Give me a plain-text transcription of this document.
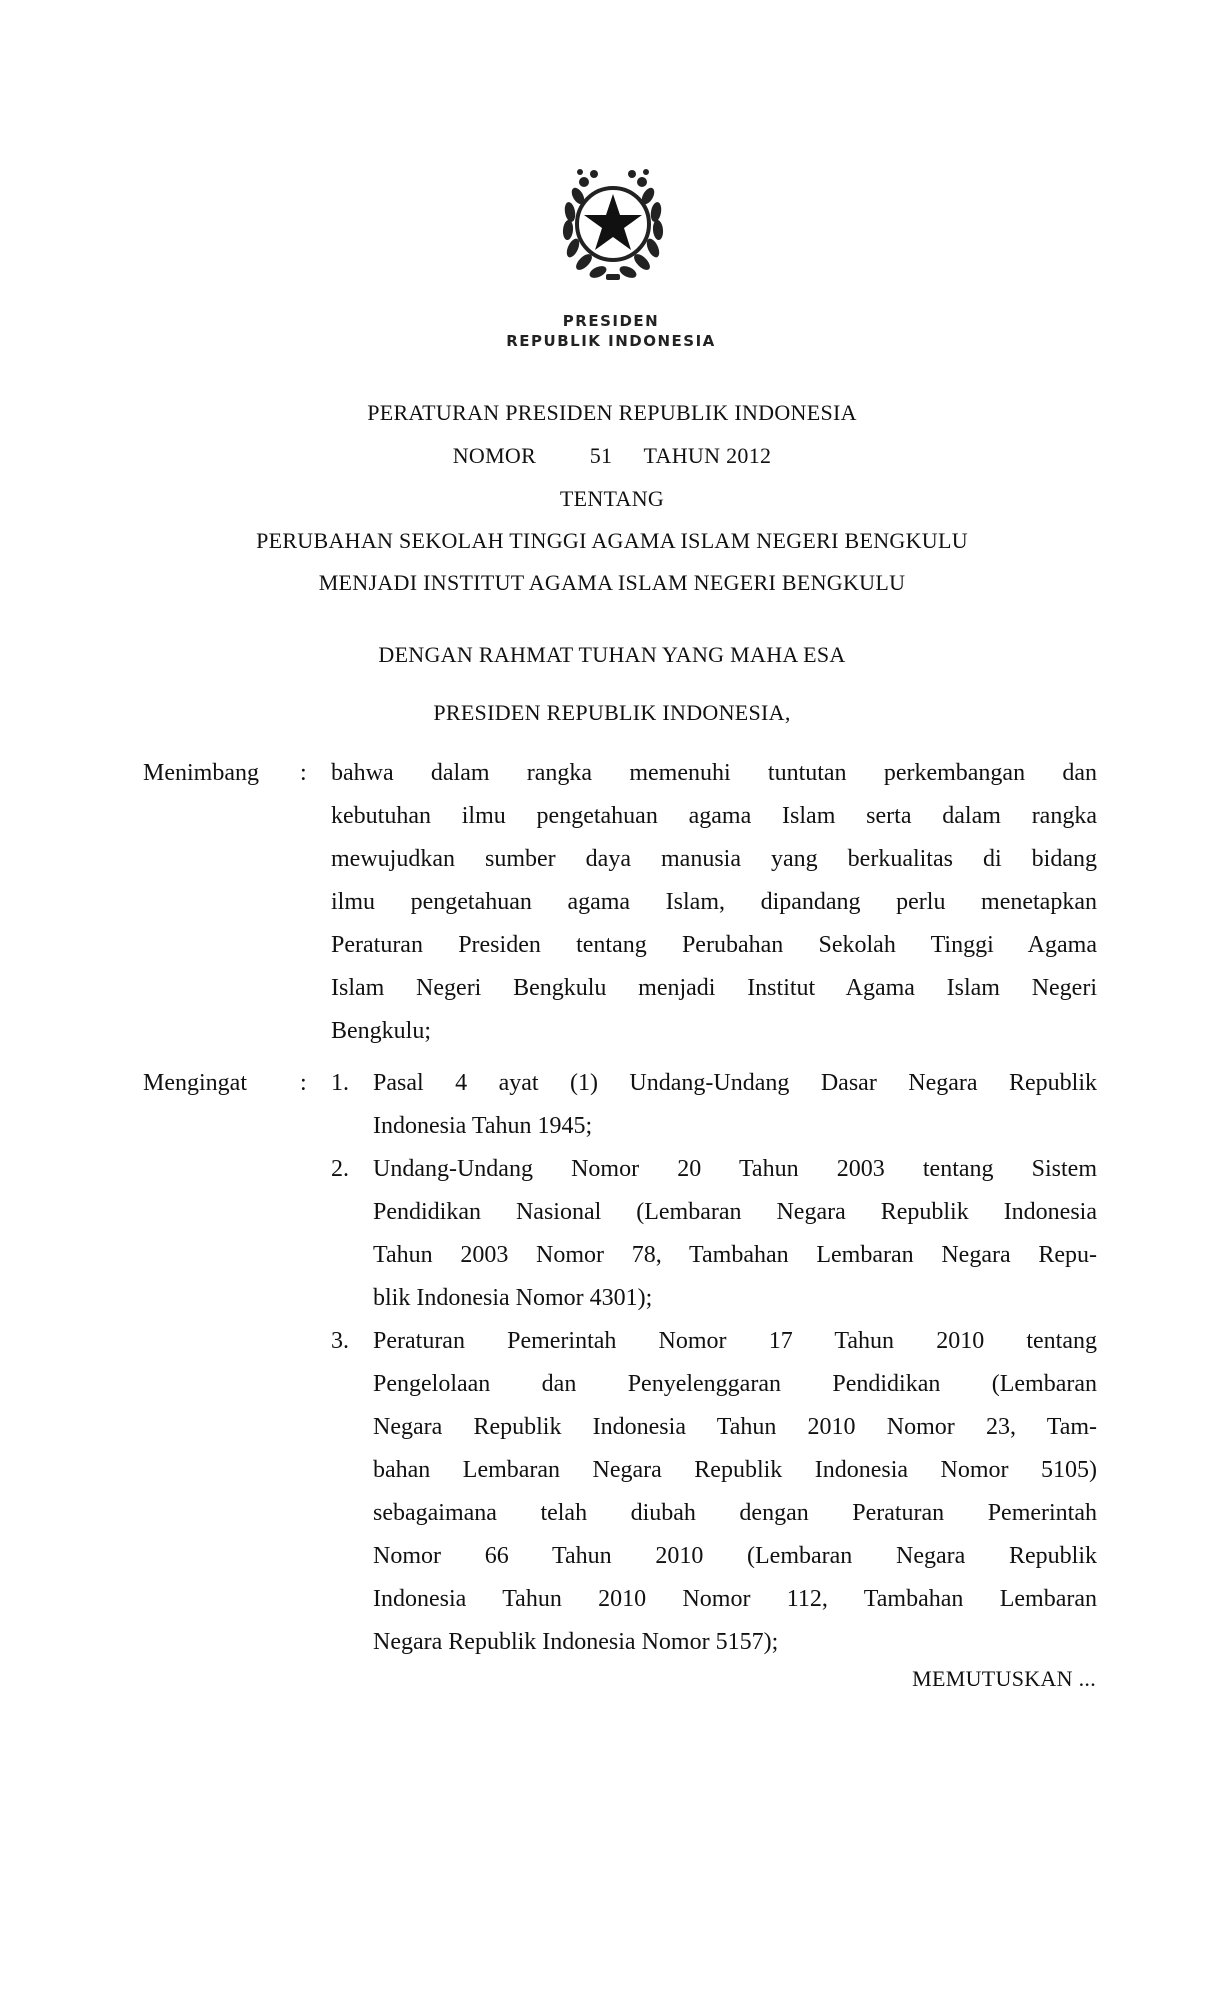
PRESIDEN
REPUBLIK INDONESIA
PERATURAN PRESIDEN REPUBLIK INDONESIA
NOMOR 51 TAHUN 2012
TENTANG
PERUBAHAN SEKOLAH TINGGI AGAMA ISLAM NEGERI BENGKULU
MENJADI INSTITUT AGAMA ISLAM NEGERI BENGKULU
DENGAN RAHMAT TUHAN YANG MAHA ESA
PRESIDEN REPUBLIK INDONESIA,
Menimbang : bahwa dalam rangka memenuhi tuntutan perkembangan dan
kebutuhan ilmu pengetahuan agama Islam serta dalam rangka
mewujudkan sumber daya manusia yang berkualitas di bidang
ilmu pengetahuan agama Islam, dipandang perlu menetapkan
Peraturan Presiden tentang Perubahan Sekolah Tinggi Agama
Islam Negeri Bengkulu menjadi Institut Agama Islam Negeri
Bengkulu;
Mengingat : 1. Pasal 4 ayat (1) Undang-Undang Dasar Negara Republik
Indonesia Tahun 1945;
2. Undang-Undang Nomor 20 Tahun 2003 tentang Sistem
Pendidikan Nasional (Lembaran Negara Republik Indonesia
Tahun 2003 Nomor 78, Tambahan Lembaran Negara Repu-
blik Indonesia Nomor 4301);
3. Peraturan Pemerintah Nomor 17 Tahun 2010 tentang
Pengelolaan dan Penyelenggaran Pendidikan (Lembaran
Negara Republik Indonesia Tahun 2010 Nomor 23, Tam-
bahan Lembaran Negara Republik Indonesia Nomor 5105)
sebagaimana telah diubah dengan Peraturan Pemerintah
Nomor 66 Tahun 2010 (Lembaran Negara Republik
Indonesia Tahun 2010 Nomor 112, Tambahan Lembaran
Negara Republik Indonesia Nomor 5157);
MEMUTUSKAN ...
